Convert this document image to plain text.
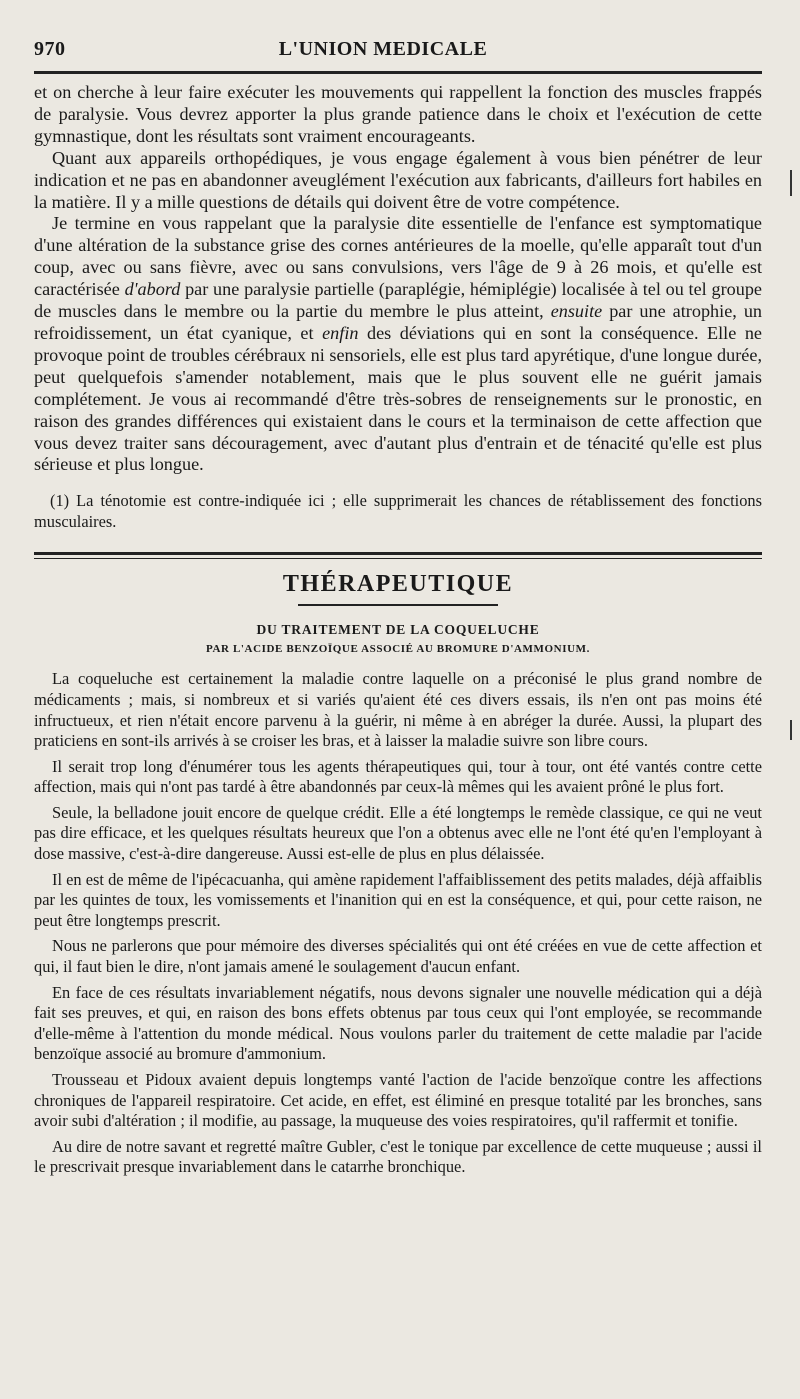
970	L'UNION MEDICALE

et on cherche à leur faire exécuter les mouvements qui rappellent la fonction des muscles frappés de paralysie. Vous devrez apporter la plus grande patience dans le choix et l'exécution de cette gymnastique, dont les résultats sont vraiment encourageants.

Quant aux appareils orthopédiques, je vous engage également à vous bien pénétrer de leur indication et ne pas en abandonner aveuglément l'exécution aux fabricants, d'ailleurs fort habiles en la matière. Il y a mille questions de détails qui doivent être de votre compétence.

Je termine en vous rappelant que la paralysie dite essentielle de l'enfance est symptomatique d'une altération de la substance grise des cornes antérieures de la moelle, qu'elle apparaît tout d'un coup, avec ou sans fièvre, avec ou sans convulsions, vers l'âge de 9 à 26 mois, et qu'elle est caractérisée d'abord par une paralysie partielle (paraplégie, hémiplégie) localisée à tel ou tel groupe de muscles dans le membre ou la partie du membre le plus atteint, ensuite par une atrophie, un refroidissement, un état cyanique, et enfin des déviations qui en sont la conséquence. Elle ne provoque point de troubles cérébraux ni sensoriels, elle est plus tard apyrétique, d'une longue durée, peut quelquefois s'amender notablement, mais que le plus souvent elle ne guérit jamais complétement. Je vous ai recommandé d'être très-sobres de renseignements sur le pronostic, en raison des grandes différences qui existaient dans le cours et la terminaison de cette affection que vous devez traiter sans découragement, avec d'autant plus d'entrain et de ténacité qu'elle est plus sérieuse et plus longue.

(1) La ténotomie est contre-indiquée ici ; elle supprimerait les chances de rétablissement des fonctions musculaires.

THÉRAPEUTIQUE
DU TRAITEMENT DE LA COQUELUCHE
PAR L'ACIDE BENZOÏQUE ASSOCIÉ AU BROMURE D'AMMONIUM.

La coqueluche est certainement la maladie contre laquelle on a préconisé le plus grand nombre de médicaments ; mais, si nombreux et si variés qu'aient été ces divers essais, ils n'en ont pas moins été infructueux, et rien n'était encore parvenu à la guérir, ni même à en abréger la durée. Aussi, la plupart des praticiens en sont-ils arrivés à se croiser les bras, et à laisser la maladie suivre son libre cours.

Il serait trop long d'énumérer tous les agents thérapeutiques qui, tour à tour, ont été vantés contre cette affection, mais qui n'ont pas tardé à être abandonnés par ceux-là mêmes qui les avaient prôné le plus fort.

Seule, la belladone jouit encore de quelque crédit. Elle a été longtemps le remède classique, ce qui ne veut pas dire efficace, et les quelques résultats heureux que l'on a obtenus avec elle ne l'ont été qu'en l'employant à dose massive, c'est-à-dire dangereuse. Aussi est-elle de plus en plus délaissée.

Il en est de même de l'ipécacuanha, qui amène rapidement l'affaiblissement des petits malades, déjà affaiblis par les quintes de toux, les vomissements et l'inanition qui en est la conséquence, et qui, pour cette raison, ne peut être longtemps prescrit.

Nous ne parlerons que pour mémoire des diverses spécialités qui ont été créées en vue de cette affection et qui, il faut bien le dire, n'ont jamais amené le soulagement d'aucun enfant.

En face de ces résultats invariablement négatifs, nous devons signaler une nouvelle médication qui a déjà fait ses preuves, et qui, en raison des bons effets obtenus par tous ceux qui l'ont employée, se recommande d'elle-même à l'attention du monde médical. Nous voulons parler du traitement de cette maladie par l'acide benzoïque associé au bromure d'ammonium.

Trousseau et Pidoux avaient depuis longtemps vanté l'action de l'acide benzoïque contre les affections chroniques de l'appareil respiratoire. Cet acide, en effet, est éliminé en presque totalité par les bronches, sans avoir subi d'altération ; il modifie, au passage, la muqueuse des voies respiratoires, qu'il raffermit et tonifie.

Au dire de notre savant et regretté maître Gubler, c'est le tonique par excellence de cette muqueuse ; aussi il le prescrivait presque invariablement dans le catarrhe bronchique.
